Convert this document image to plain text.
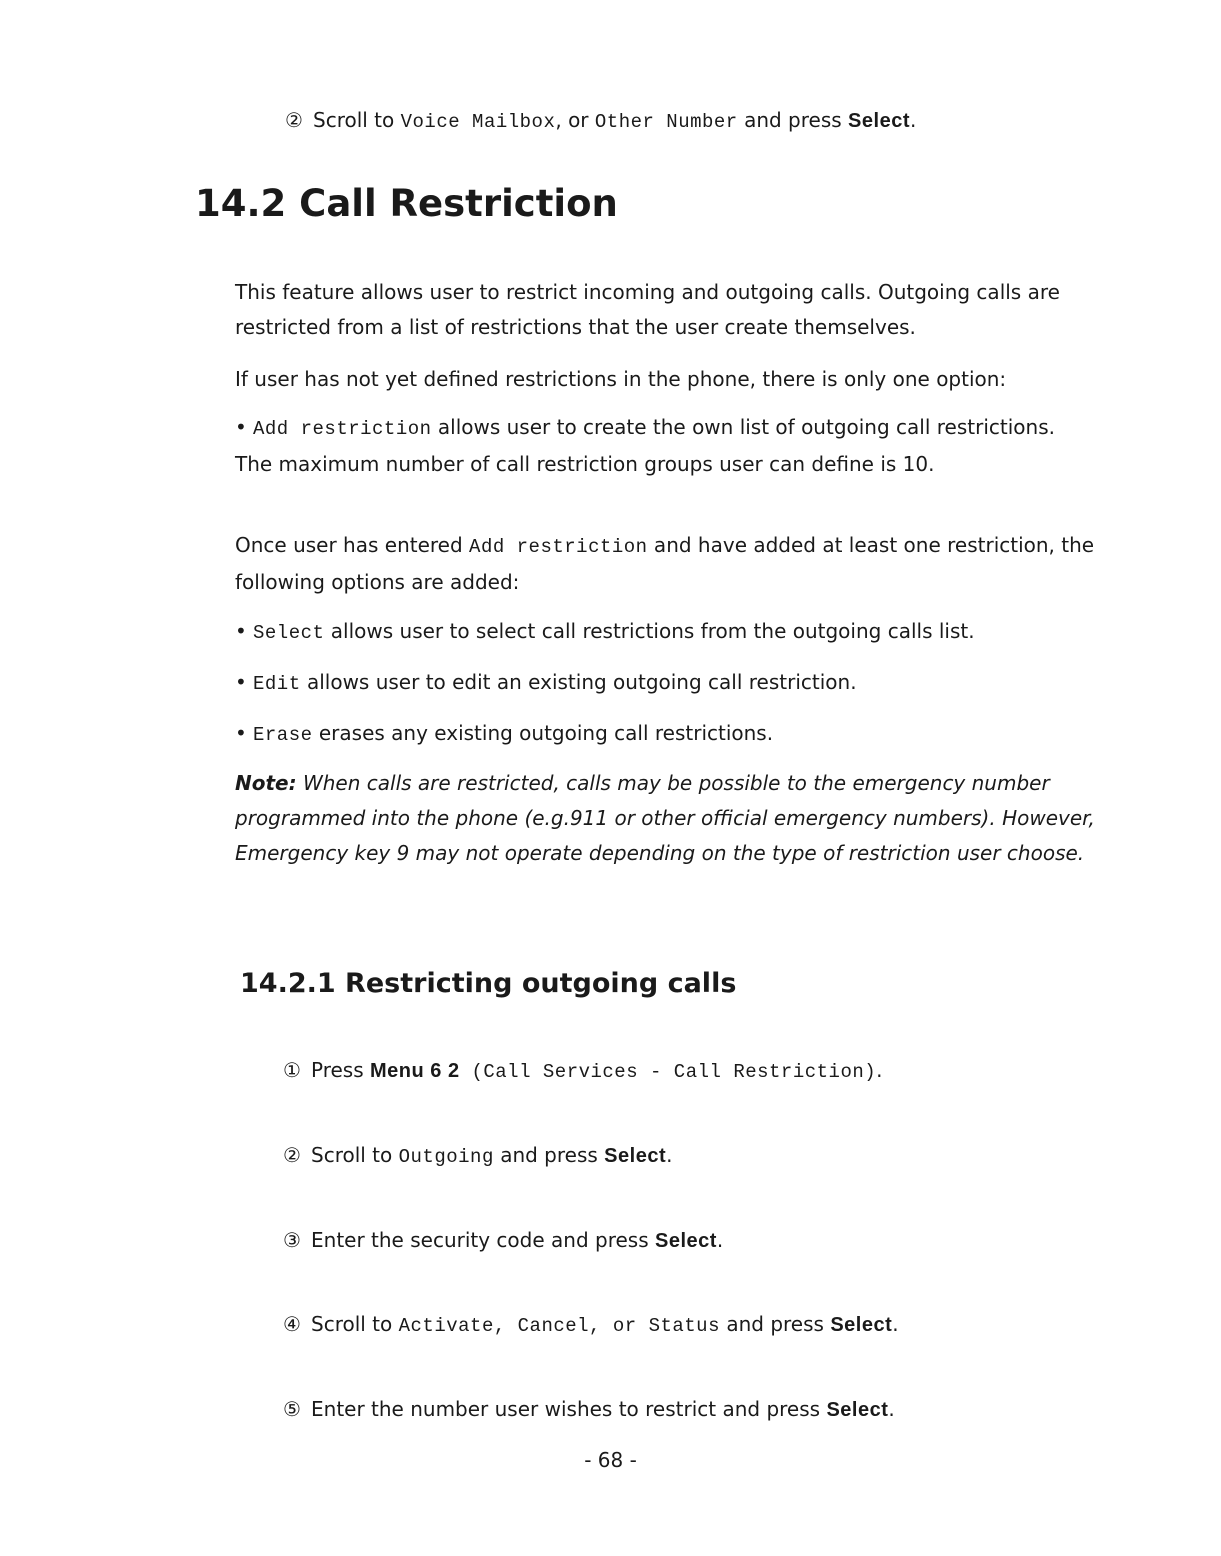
② Scroll to Voice Mailbox, or Other Number and press Select.
14.2 Call Restriction
This feature allows user to restrict incoming and outgoing calls. Outgoing calls are restricted from a list of restrictions that the user create themselves.
If user has not yet defined restrictions in the phone, there is only one option:
• Add restriction allows user to create the own list of outgoing call restrictions. The maximum number of call restriction groups user can define is 10.
Once user has entered Add restriction and have added at least one restriction, the following options are added:
• Select allows user to select call restrictions from the outgoing calls list.
• Edit allows user to edit an existing outgoing call restriction.
• Erase erases any existing outgoing call restrictions.
Note: When calls are restricted, calls may be possible to the emergency number programmed into the phone (e.g.911 or other official emergency numbers). However, Emergency key 9 may not operate depending on the type of restriction user choose.
14.2.1 Restricting outgoing calls
① Press Menu 6 2 (Call Services - Call Restriction).
② Scroll to Outgoing and press Select.
③ Enter the security code and press Select.
④ Scroll to Activate, Cancel, or Status and press Select.
⑤ Enter the number user wishes to restrict and press Select.
- 68 -
